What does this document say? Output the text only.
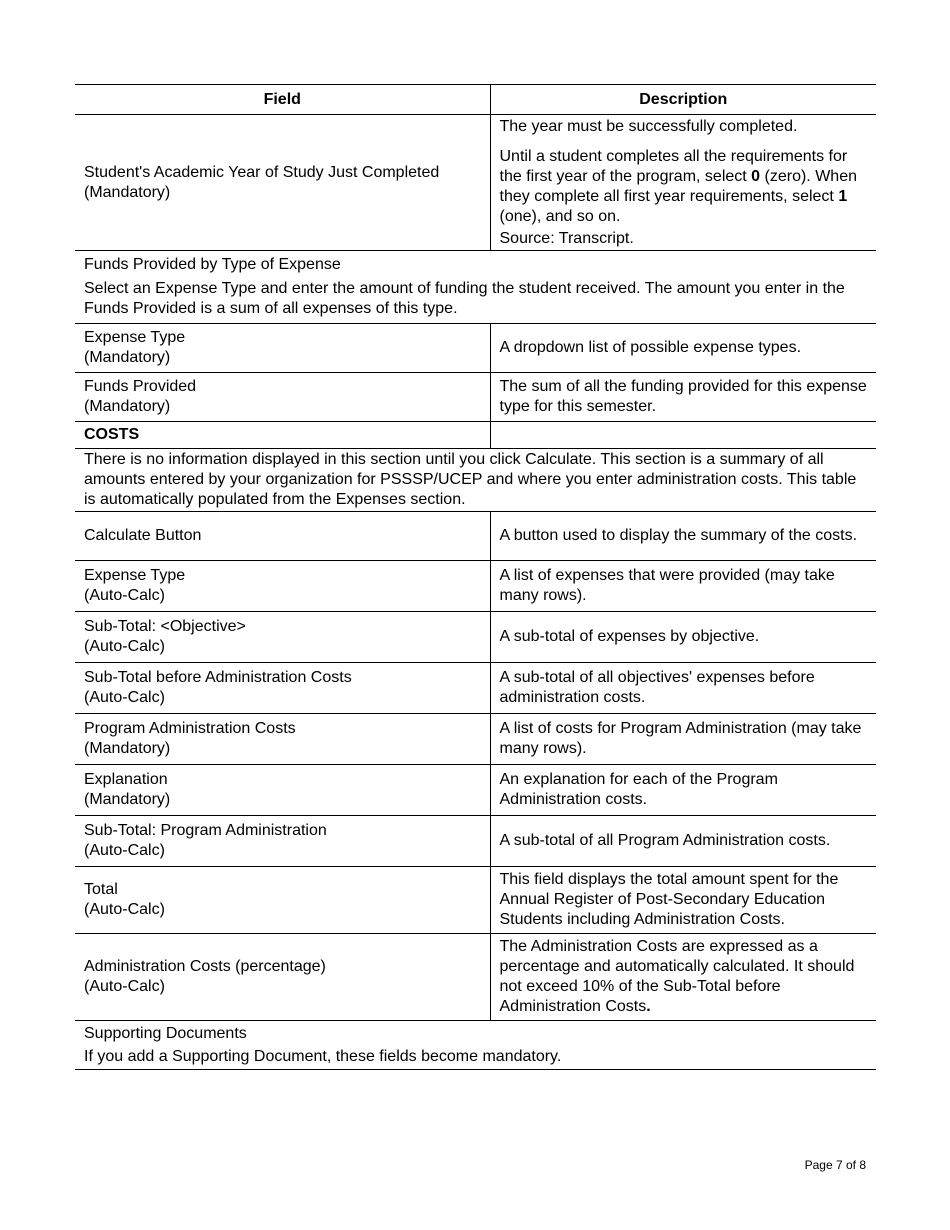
Field	Description

Student's Academic Year of Study Just Completed
(Mandatory)	The year must be successfully completed.
Until a student completes all the requirements for the first year of the program, select 0 (zero). When they complete all first year requirements, select 1 (one), and so on.
Source: Transcript.

Funds Provided by Type of Expense
Select an Expense Type and enter the amount of funding the student received. The amount you enter in the Funds Provided is a sum of all expenses of this type.	

Expense Type
(Mandatory)	A dropdown list of possible expense types.

Funds Provided
(Mandatory)	The sum of all the funding provided for this expense type for this semester.
COSTS	
There is no information displayed in this section until you click Calculate. This section is a summary of all amounts entered by your organization for PSSSP/UCEP and where you enter administration costs. This table is automatically populated from the Expenses section.	

Calculate Button	A button used to display the summary of the costs.

Expense Type
(Auto-Calc)	A list of expenses that were provided (may take many rows).

Sub-Total: <Objective>
(Auto-Calc)	A sub-total of expenses by objective.

Sub-Total before Administration Costs
(Auto-Calc)	A sub-total of all objectives' expenses before administration costs.

Program Administration Costs
(Mandatory)	A list of costs for Program Administration (may take many rows).

Explanation
(Mandatory)	An explanation for each of the Program Administration costs.

Sub-Total: Program Administration
(Auto-Calc)	A sub-total of all Program Administration costs.

Total
(Auto-Calc)	This field displays the total amount spent for the Annual Register of Post-Secondary Education Students including Administration Costs.

Administration Costs (percentage)
(Auto-Calc)	The Administration Costs are expressed as a percentage and automatically calculated. It should not exceed 10% of the Sub-Total before Administration Costs.

Supporting Documents
If you add a Supporting Document, these fields become mandatory.	
Page 7 of 8
